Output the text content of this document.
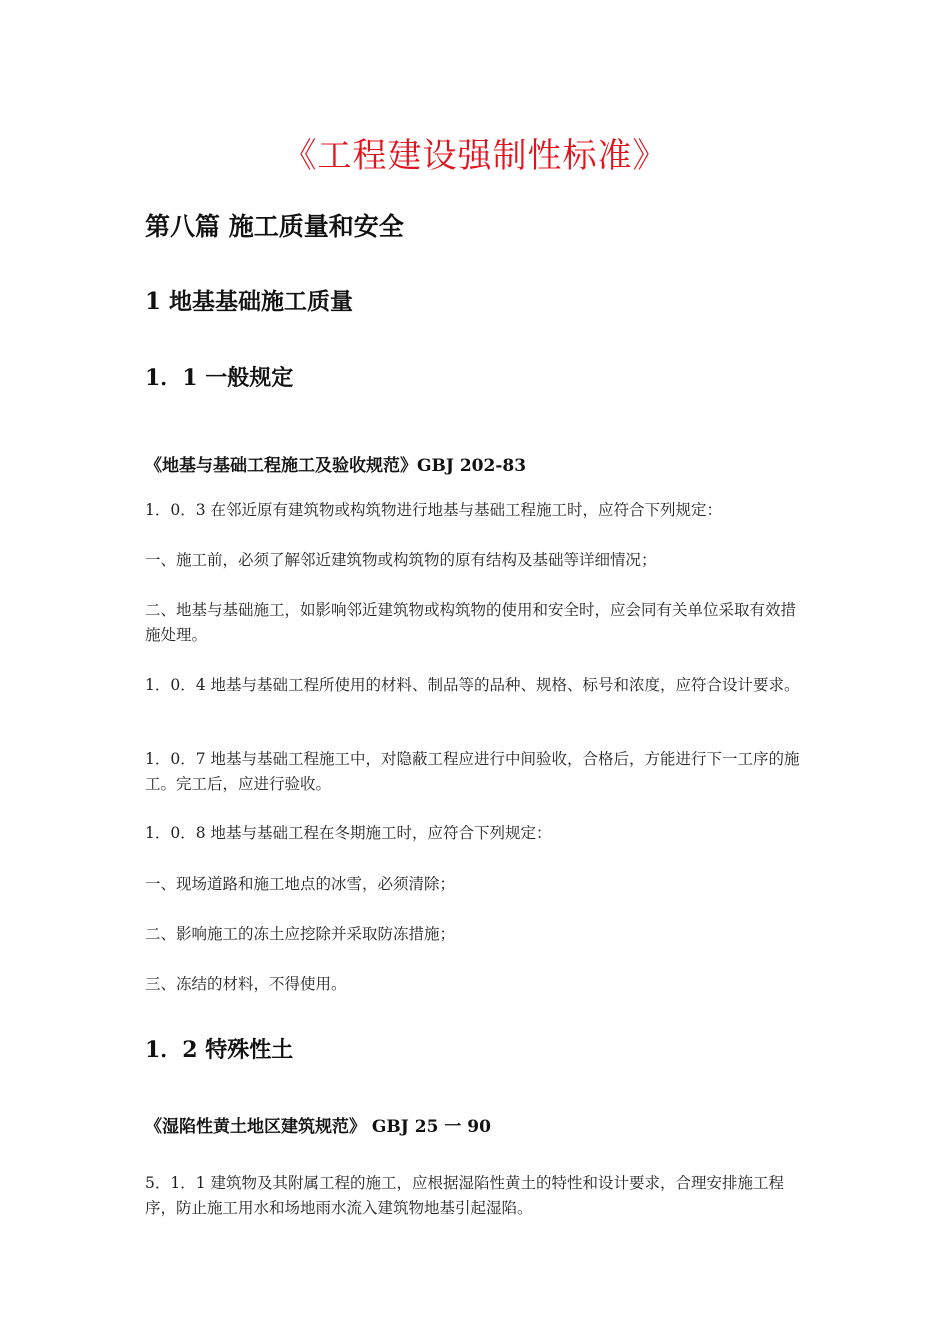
《工程建设强制性标准》
第八篇 施工质量和安全
1 地基基础施工质量
1．1 一般规定

《地基与基础工程施工及验收规范》GBJ 202-83

1．0．3 在邻近原有建筑物或构筑物进行地基与基础工程施工时，应符合下列规定：

一、施工前，必须了解邻近建筑物或构筑物的原有结构及基础等详细情况；

二、地基与基础施工，如影响邻近建筑物或构筑物的使用和安全时，应会同有关单位采取有效措施处理。

1．0．4 地基与基础工程所使用的材料、制品等的品种、规格、标号和浓度，应符合设计要求。

1．0．7 地基与基础工程施工中，对隐蔽工程应进行中间验收，合格后，方能进行下一工序的施工。完工后，应进行验收。

1．0．8 地基与基础工程在冬期施工时，应符合下列规定：

一、现场道路和施工地点的冰雪，必须清除；

二、影响施工的冻土应挖除并采取防冻措施；

三、冻结的材料，不得使用。

1．2 特殊性土

《湿陷性黄土地区建筑规范》 GBJ 25 一 90

5．1．1 建筑物及其附属工程的施工，应根据湿陷性黄土的特性和设计要求，合理安排施工程序，防止施工用水和场地雨水流入建筑物地基引起湿陷。
